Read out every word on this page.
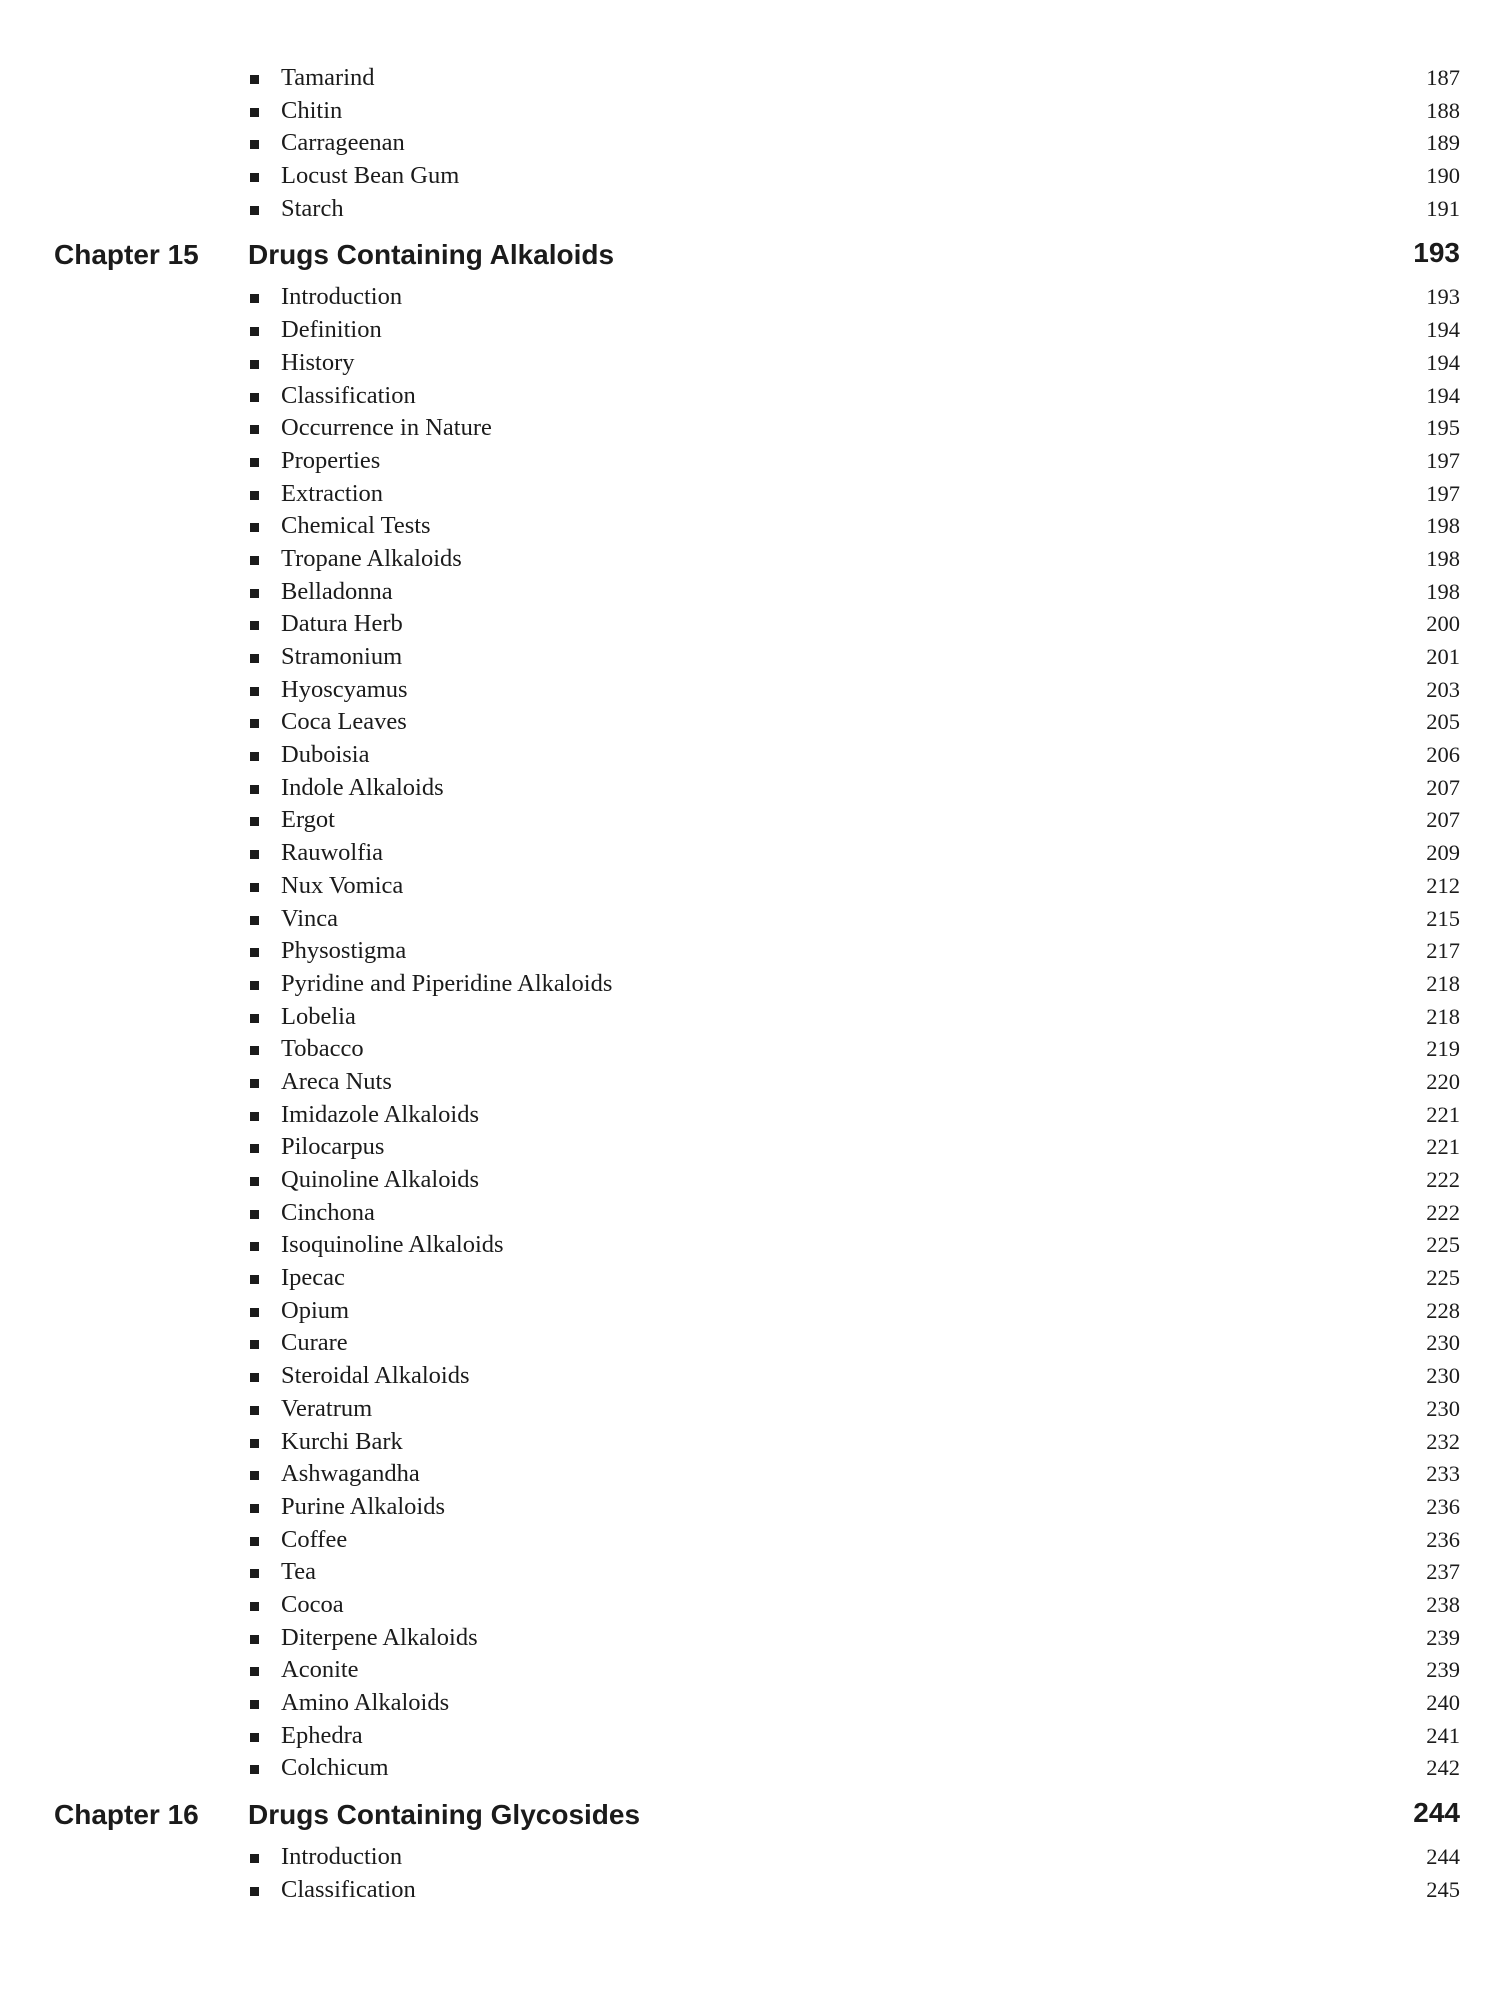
Tamarind	187
Chitin	188
Carrageenan	189
Locust Bean Gum	190
Starch	191
Chapter 15 Drugs Containing Alkaloids	193
Introduction	193
Definition	194
History	194
Classification	194
Occurrence in Nature	195
Properties	197
Extraction	197
Chemical Tests	198
Tropane Alkaloids	198
Belladonna	198
Datura Herb	200
Stramonium	201
Hyoscyamus	203
Coca Leaves	205
Duboisia	206
Indole Alkaloids	207
Ergot	207
Rauwolfia	209
Nux Vomica	212
Vinca	215
Physostigma	217
Pyridine and Piperidine Alkaloids	218
Lobelia	218
Tobacco	219
Areca Nuts	220
Imidazole Alkaloids	221
Pilocarpus	221
Quinoline Alkaloids	222
Cinchona	222
Isoquinoline Alkaloids	225
Ipecac	225
Opium	228
Curare	230
Steroidal Alkaloids	230
Veratrum	230
Kurchi Bark	232
Ashwagandha	233
Purine Alkaloids	236
Coffee	236
Tea	237
Cocoa	238
Diterpene Alkaloids	239
Aconite	239
Amino Alkaloids	240
Ephedra	241
Colchicum	242
Chapter 16 Drugs Containing Glycosides	244
Introduction	244
Classification	245
